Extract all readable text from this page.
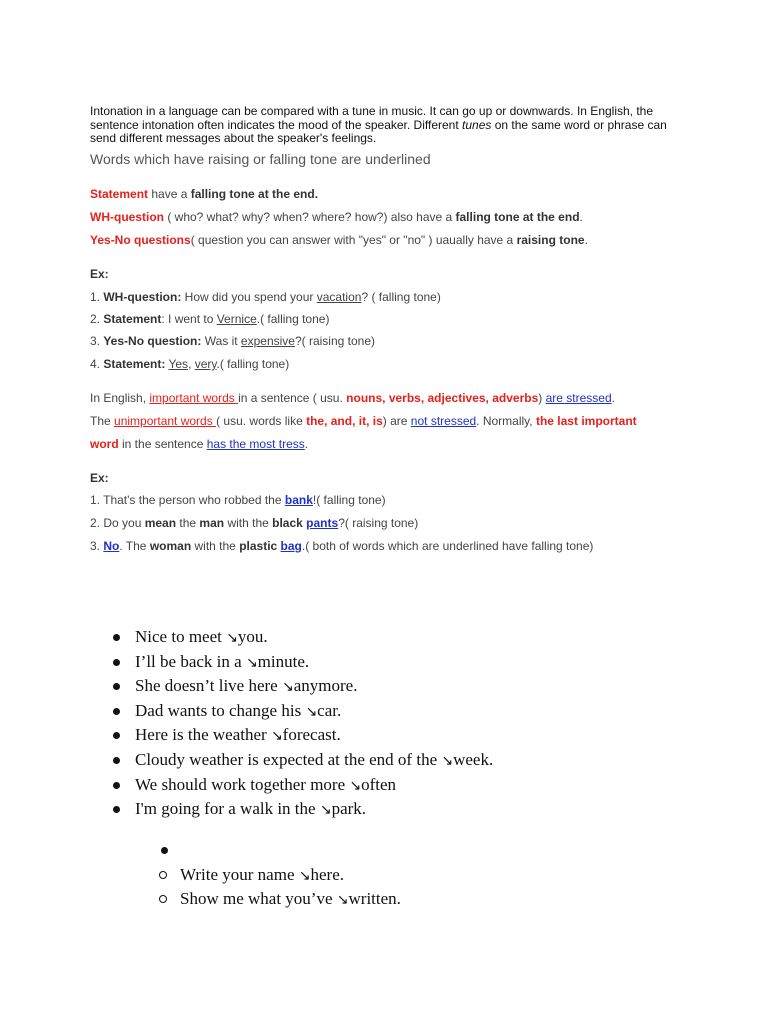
Intonation in a language can be compared with a tune in music. It can go up or downwards. In English, the sentence intonation often indicates the mood of the speaker. Different tunes on the same word or phrase can send different messages about the speaker's feelings.
Words which have raising or falling tone are underlined
Statement have a falling tone at the end.
WH-question ( who? what? why? when? where? how?) also have a falling tone at the end.
Yes-No questions( question you can answer with "yes" or "no" ) uaually have a raising tone.
Ex:
1. WH-question: How did you spend your vacation? ( falling tone)
2. Statement: I went to Vernice.( falling tone)
3. Yes-No question: Was it expensive?( raising tone)
4. Statement: Yes, very.( falling tone)
In English, important words in a sentence ( usu. nouns, verbs, adjectives, adverbs) are stressed.
The unimportant words ( usu. words like the, and, it, is) are not stressed. Normally, the last important
word in the sentence has the most tress.
Ex:
1. That's the person who robbed the bank!( falling tone)
2. Do you mean the man with the black pants?( raising tone)
3. No. The woman with the plastic bag.( both of words which are underlined have falling tone)
Nice to meet ↘you.
I’ll be back in a ↘minute.
She doesn’t live here ↘anymore.
Dad wants to change his ↘car.
Here is the weather ↘forecast.
Cloudy weather is expected at the end of the ↘week.
We should work together more ↘often
I'm going for a walk in the ↘park.
Write your name ↘here.
Show me what you’ve ↘written.
